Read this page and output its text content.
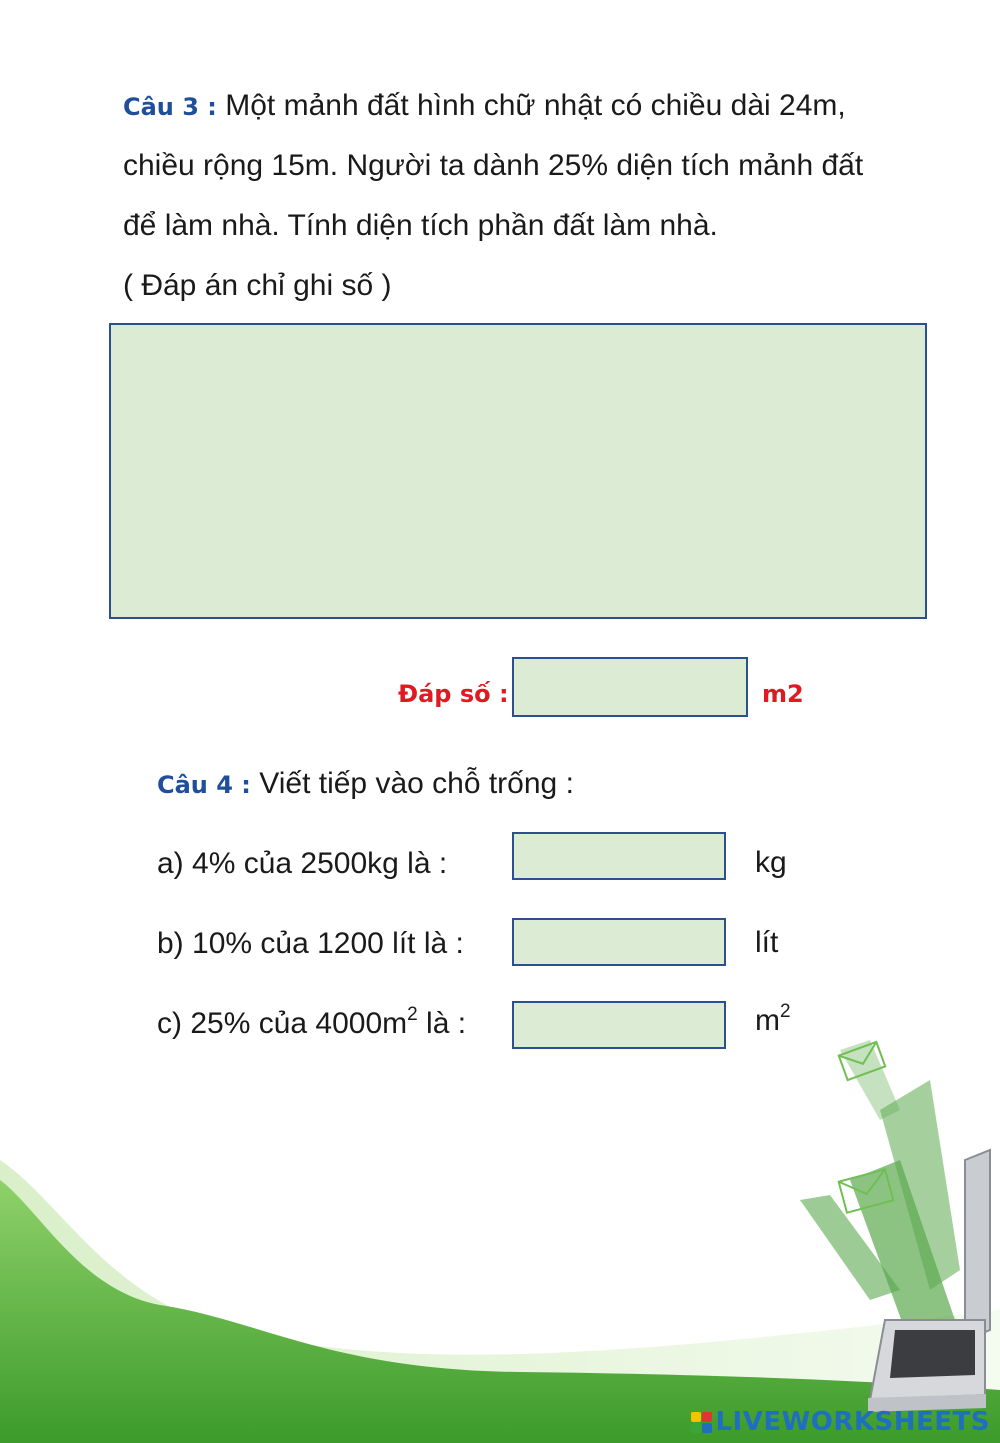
Câu 3 : Một mảnh đất hình chữ nhật có chiều dài 24m,
chiều rộng 15m. Người ta dành 25% diện tích mảnh đất
để làm nhà. Tính diện tích phần đất làm nhà.
( Đáp án chỉ ghi số )
Đáp số :	m2
Câu 4 : Viết tiếp vào chỗ trống :
a) 4% của 2500kg là :	kg
b) 10% của 1200 lít là :	lít
c) 25% của $4000m^2$ là :	$m^2$
LIVEWORKSHEETS
